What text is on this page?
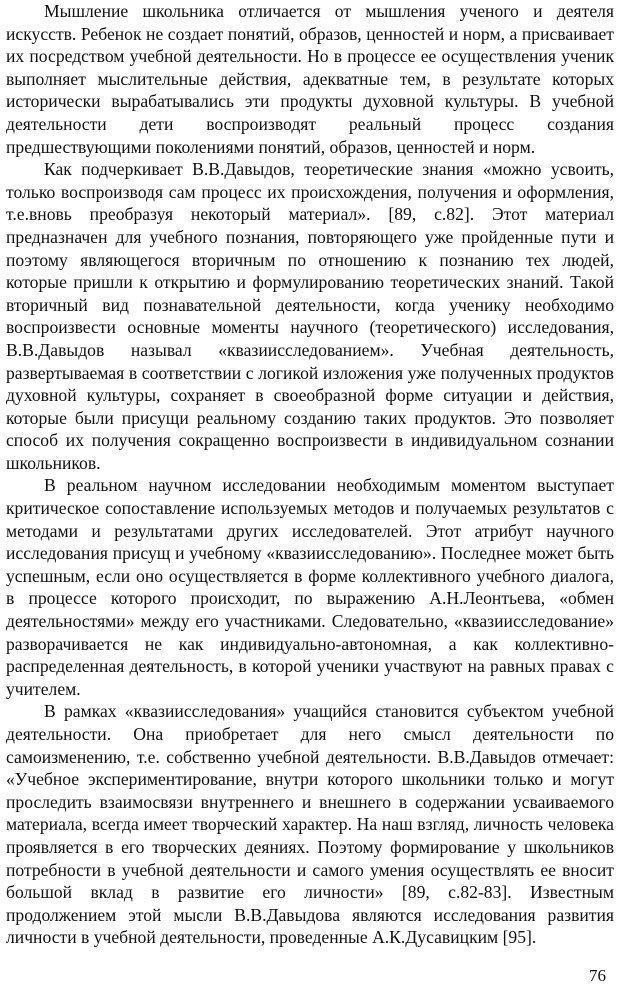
Мышление школьника отличается от мышления ученого и деятеля искусств. Ребенок не создает понятий, образов, ценностей и норм, а присваивает их посредством учебной деятельности. Но в процессе ее осуществления ученик выполняет мыслительные действия, адекватные тем, в результате которых исторически вырабатывались эти продукты духовной культуры. В учебной деятельности дети воспроизводят реальный процесс создания предшествующими поколениями понятий, образов, ценностей и норм.

Как подчеркивает В.В.Давыдов, теоретические знания «можно усвоить, только воспроизводя сам процесс их происхождения, получения и оформления, т.е.вновь преобразуя некоторый материал». [89, с.82]. Этот материал предназначен для учебного познания, повторяющего уже пройденные пути и поэтому являющегося вторичным по отношению к познанию тех людей, которые пришли к открытию и формулированию теоретических знаний. Такой вторичный вид познавательной деятельности, когда ученику необходимо воспроизвести основные моменты научного (теоретического) исследования, В.В.Давыдов называл «квазиисследованием». Учебная деятельность, развертываемая в соответствии с логикой изложения уже полученных продуктов духовной культуры, сохраняет в своеобразной форме ситуации и действия, которые были присущи реальному созданию таких продуктов. Это позволяет способ их получения сокращенно воспроизвести в индивидуальном сознании школьников.

В реальном научном исследовании необходимым моментом выступает критическое сопоставление используемых методов и получаемых результатов с методами и результатами других исследователей. Этот атрибут научного исследования присущ и учебному «квазиисследованию». Последнее может быть успешным, если оно осуществляется в форме коллективного учебного диалога, в процессе которого происходит, по выражению А.Н.Леонтьева, «обмен деятельностями» между его участниками. Следовательно, «квазиисследование» разворачивается не как индивидуально-автономная, а как коллективно-распределенная деятельность, в которой ученики участвуют на равных правах с учителем.

В рамках «квазиисследования» учащийся становится субъектом учебной деятельности. Она приобретает для него смысл деятельности по самоизменению, т.е. собственно учебной деятельности. В.В.Давыдов отмечает: «Учебное экспериментирование, внутри которого школьники только и могут проследить взаимосвязи внутреннего и внешнего в содержании усваиваемого материала, всегда имеет творческий характер. На наш взгляд, личность человека проявляется в его творческих деяниях. Поэтому формирование у школьников потребности в учебной деятельности и самого умения осуществлять ее вносит большой вклад в развитие его личности» [89, с.82-83]. Известным продолжением этой мысли В.В.Давыдова являются исследования развития личности в учебной деятельности, проведенные А.К.Дусавицким [95].

76
